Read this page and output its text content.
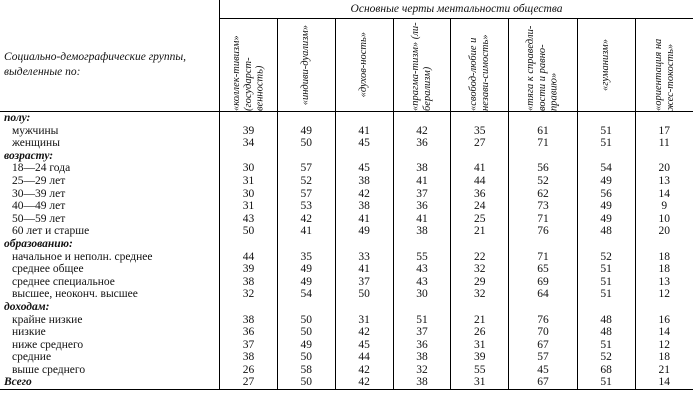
	Основные черты ментальности общества							
Социально-демографические группы, выделенные по:	«коллек-тивизм» (государст-венность)	«индиви-дуализм»	«духов-ность»	«прагма-тизм» (ли-берализм)	«свобод-любие и незави-симость»	«тяга к справедли-вости и равно-правию»	«гуманизм»	«ориентация на жес-токость»

полу:								
мужчины	39	49	41	42	35	61	51	17
женщины	34	50	45	36	27	71	51	11
возрасту:								
18—24 года	30	57	45	38	41	56	54	20
25—29 лет	31	52	38	41	44	52	49	13
30—39 лет	30	57	42	37	36	62	56	14
40—49 лет	31	53	38	36	24	73	49	9
50—59 лет	43	42	41	41	25	71	49	10
60 лет и старше	50	41	49	38	21	76	48	20
образованию:								
начальное и неполн. среднее	44	35	33	55	22	71	52	18
среднее общее	39	49	41	43	32	65	51	18
среднее специальное	38	49	37	43	29	69	51	13
высшее, неоконч. высшее	32	54	50	30	32	64	51	12
доходам:								
крайне низкие	38	50	31	51	21	76	48	16
низкие	36	50	42	37	26	70	48	14
ниже среднего	37	49	45	36	31	67	51	12
средние	38	50	44	38	39	57	52	18
выше среднего	26	58	42	32	55	45	68	21
Всего	27	50	42	38	31	67	51	14
